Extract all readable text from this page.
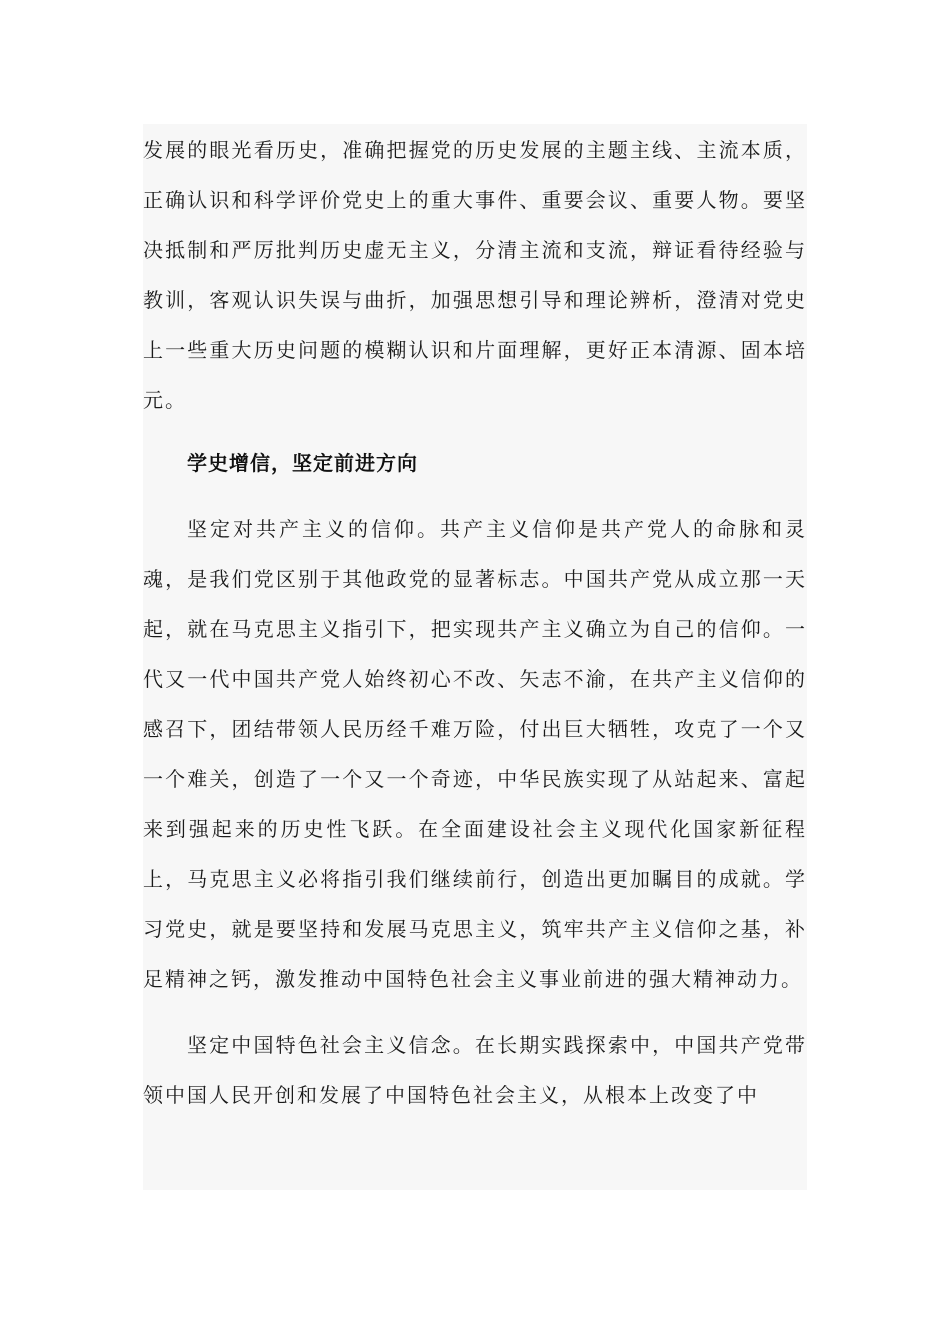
发展的眼光看历史，准确把握党的历史发展的主题主线、主流本质，正确认识和科学评价党史上的重大事件、重要会议、重要人物。要坚决抵制和严厉批判历史虚无主义，分清主流和支流，辩证看待经验与教训，客观认识失误与曲折，加强思想引导和理论辨析，澄清对党史上一些重大历史问题的模糊认识和片面理解，更好正本清源、固本培元。

学史增信，坚定前进方向

坚定对共产主义的信仰。共产主义信仰是共产党人的命脉和灵魂，是我们党区别于其他政党的显著标志。中国共产党从成立那一天起，就在马克思主义指引下，把实现共产主义确立为自己的信仰。一代又一代中国共产党人始终初心不改、矢志不渝，在共产主义信仰的感召下，团结带领人民历经千难万险，付出巨大牺牲，攻克了一个又一个难关，创造了一个又一个奇迹，中华民族实现了从站起来、富起来到强起来的历史性飞跃。在全面建设社会主义现代化国家新征程上，马克思主义必将指引我们继续前行，创造出更加瞩目的成就。学习党史，就是要坚持和发展马克思主义，筑牢共产主义信仰之基，补足精神之钙，激发推动中国特色社会主义事业前进的强大精神动力。

坚定中国特色社会主义信念。在长期实践探索中，中国共产党带领中国人民开创和发展了中国特色社会主义，从根本上改变了中
